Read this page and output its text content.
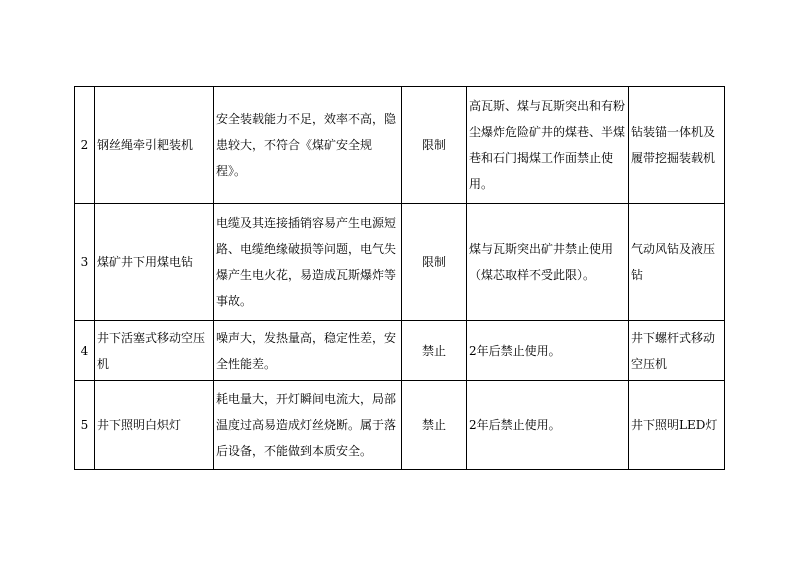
2	钢丝绳牵引耙装机	安全装载能力不足，效率不高，隐患较大，不符合《煤矿安全规程》。	限制	高瓦斯、煤与瓦斯突出和有粉尘爆炸危险矿井的煤巷、半煤巷和石门揭煤工作面禁止使用。	钻装锚一体机及履带挖掘装载机
3	煤矿井下用煤电钻	电缆及其连接插销容易产生电源短路、电缆绝缘破损等问题，电气失爆产生电火花，易造成瓦斯爆炸等事故。	限制	煤与瓦斯突出矿井禁止使用（煤芯取样不受此限）。	气动风钻及液压钻
4	井下活塞式移动空压机	噪声大，发热量高，稳定性差，安全性能差。	禁止	2年后禁止使用。	井下螺杆式移动空压机
5	井下照明白炽灯	耗电量大，开灯瞬间电流大，局部温度过高易造成灯丝烧断。属于落后设备，不能做到本质安全。	禁止	2年后禁止使用。	井下照明LED灯
